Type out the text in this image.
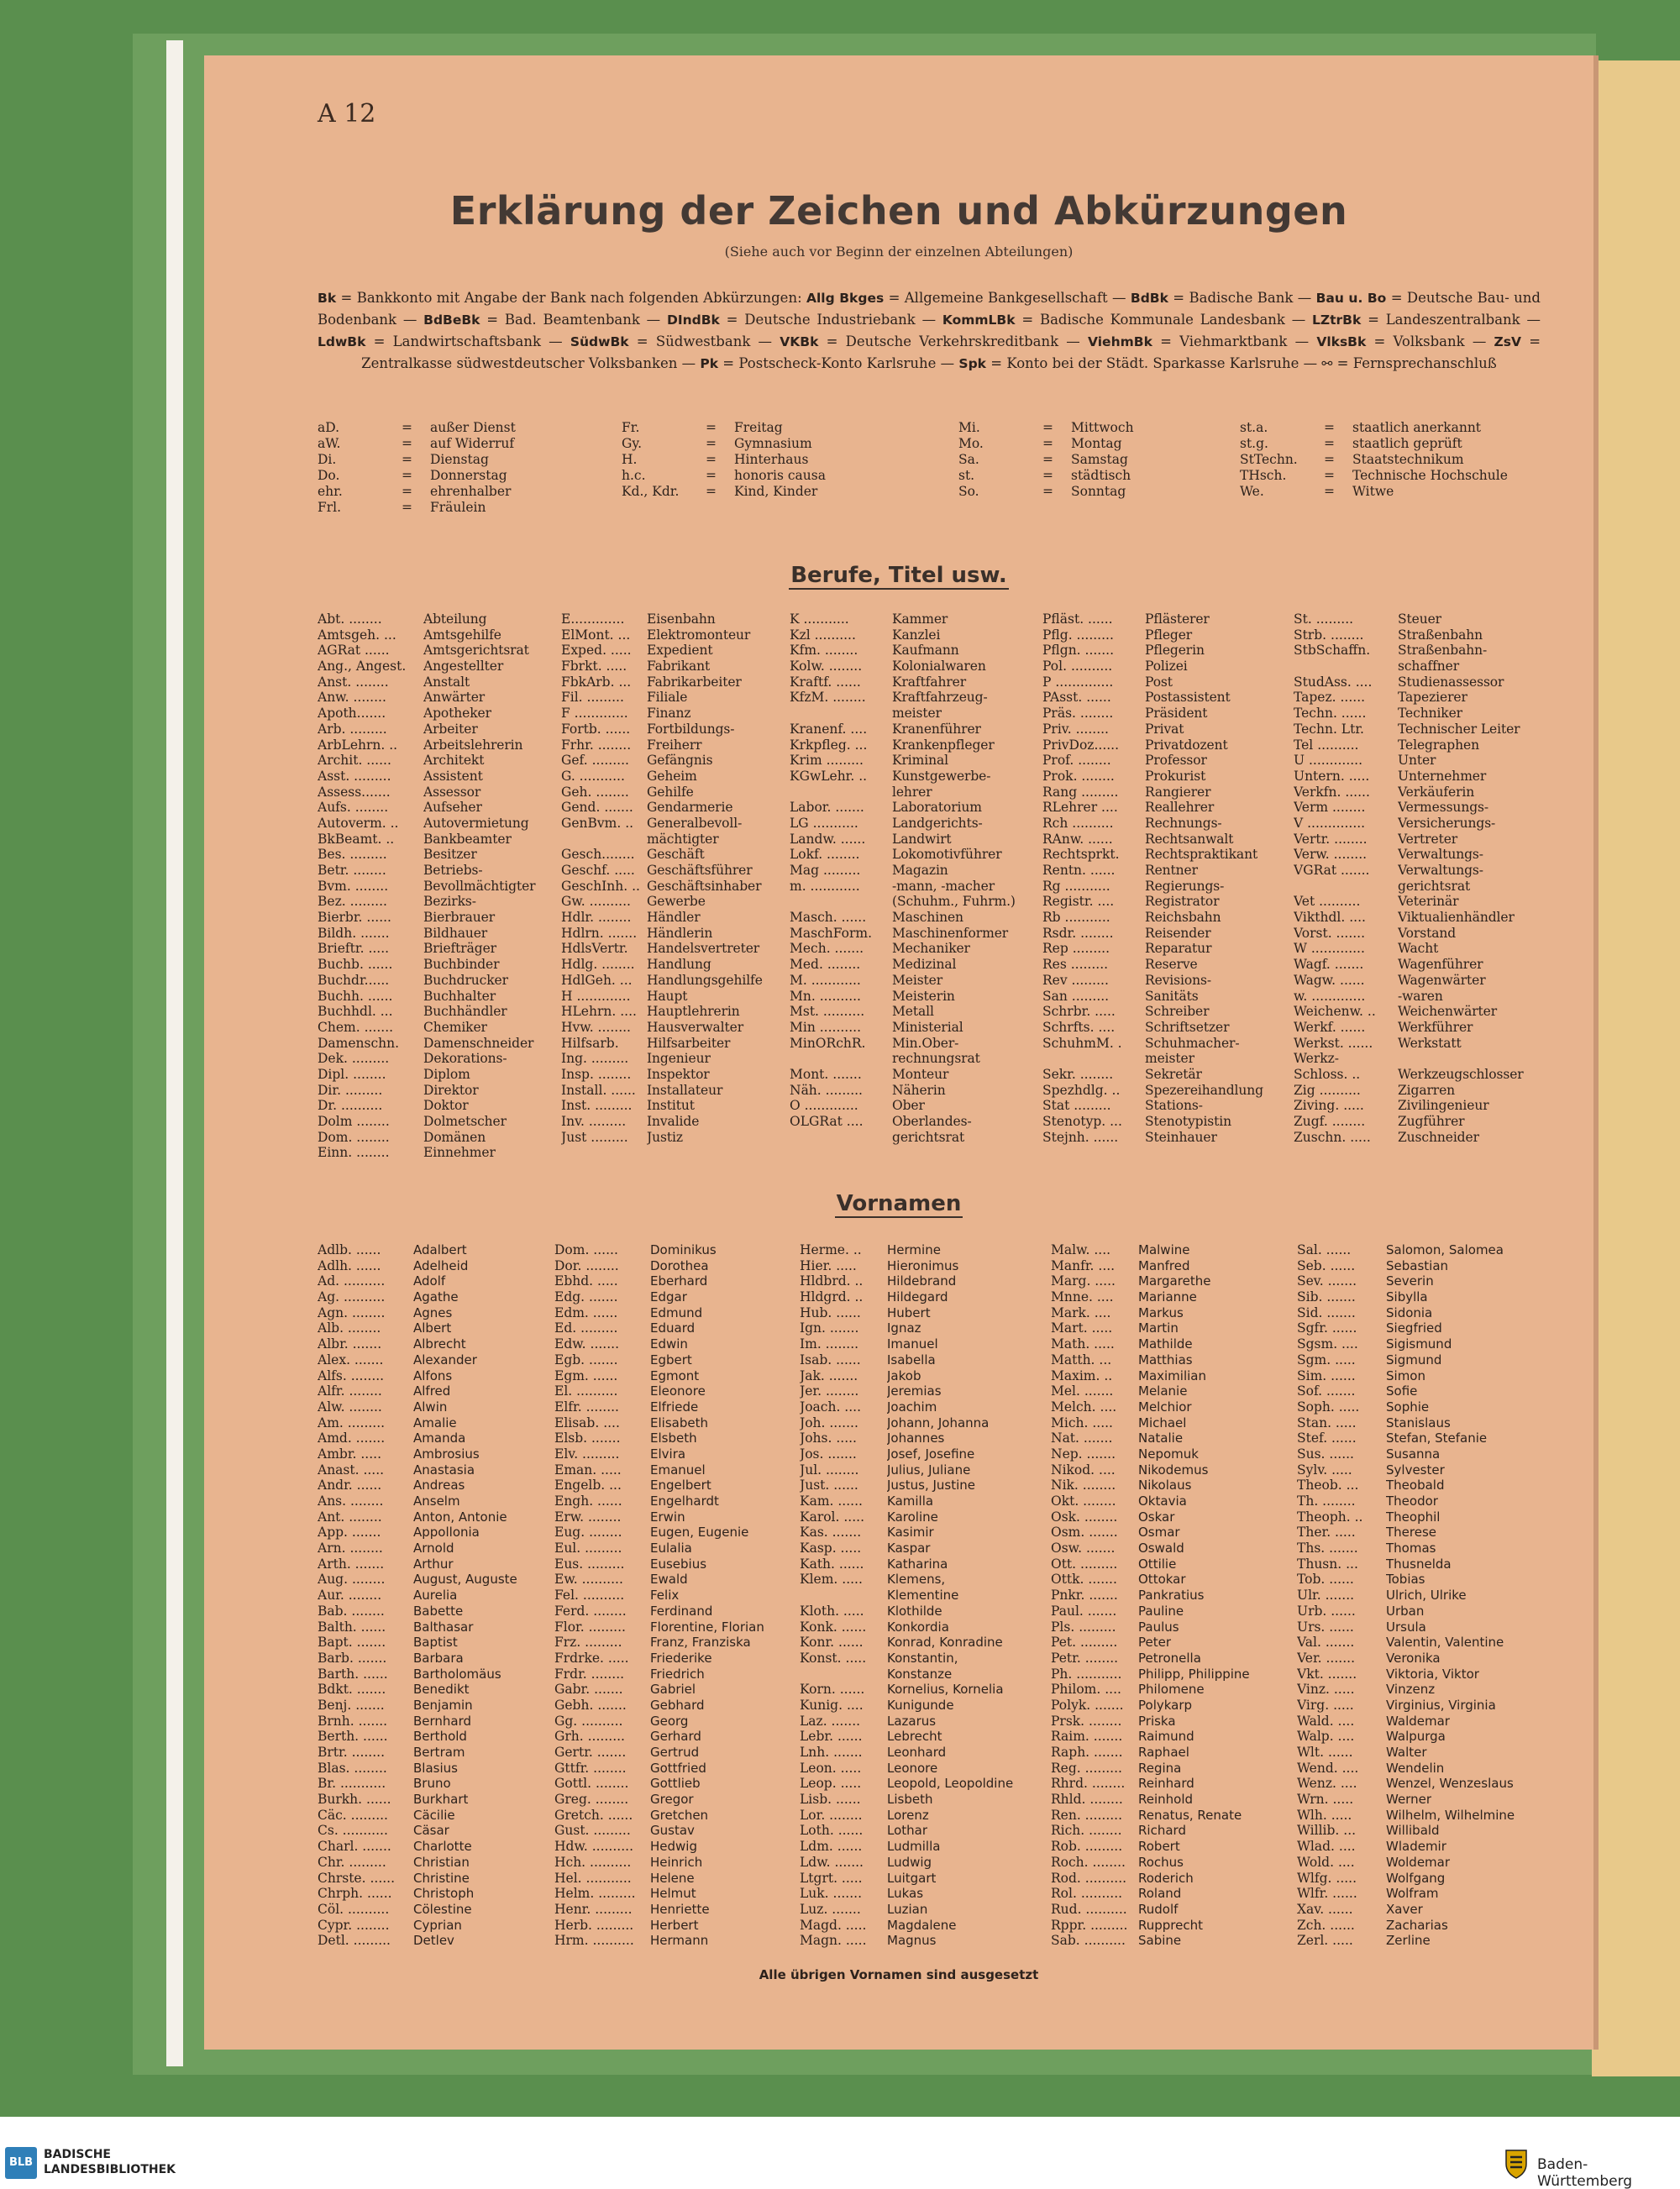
A 12
Erklärung der Zeichen und Abkürzungen
(Siehe auch vor Beginn der einzelnen Abteilungen)
Bk = Bankkonto mit Angabe der Bank nach folgenden Abkürzungen: Allg Bkges = Allgemeine Bankgesellschaft — BdBk = Badische Bank — Bau u. Bo = Deutsche Bau- und Bodenbank — BdBeBk = Bad. Beamtenbank — DIndBk = Deutsche Industriebank — KommLBk = Badische Kommunale Landesbank — LZtrBk = Landeszentralbank — LdwBk = Landwirtschaftsbank — SüdwBk = Südwestbank — VKBk = Deutsche Verkehrskreditbank — ViehmBk = Viehmarktbank — VlksBk = Volksbank — ZsV = Zentralkasse südwestdeutscher Volksbanken — Pk = Postscheck-Konto Karlsruhe — Spk = Konto bei der Städt. Sparkasse Karlsruhe — ⚯ = Fernsprechanschluß
aD.	=	außer Dienst
aW.	=	auf Widerruf
Di.	=	Dienstag
Do.	=	Donnerstag
ehr.	=	ehrenhalber
Frl.	=	Fräulein
Fr.	=	Freitag
Gy.	=	Gymnasium
H.	=	Hinterhaus
h.c.	=	honoris causa
Kd., Kdr.	=	Kind, Kinder
Mi.	=	Mittwoch
Mo.	=	Montag
Sa.	=	Samstag
st.	=	städtisch
So.	=	Sonntag
st.a.	=	staatlich anerkannt
st.g.	=	staatlich geprüft
StTechn.	=	Staatstechnikum
THsch.	=	Technische Hochschule
We.	=	Witwe
Berufe, Titel usw.
Abt. ........	Abteilung
Amtsgeh. ...	Amtsgehilfe
AGRat ......	Amtsgerichtsrat
Ang., Angest.	Angestellter
Anst. ........	Anstalt
Anw. ........	Anwärter
Apoth.......	Apotheker
Arb. .........	Arbeiter
ArbLehrn. ..	Arbeitslehrerin
Archit. ......	Architekt
Asst. .........	Assistent
Assess.......	Assessor
Aufs. ........	Aufseher
Autoverm. ..	Autovermietung
BkBeamt. ..	Bankbeamter
Bes. .........	Besitzer
Betr. ........	Betriebs-
Bvm. ........	Bevollmächtigter
Bez. .........	Bezirks-
Bierbr. ......	Bierbrauer
Bildh. .......	Bildhauer
Brieftr. .....	Briefträger
Buchb. ......	Buchbinder
Buchdr......	Buchdrucker
Buchh. ......	Buchhalter
Buchhdl. ...	Buchhändler
Chem. .......	Chemiker
Damenschn.	Damenschneider
Dek. .........	Dekorations-
Dipl. ........	Diplom
Dir. .........	Direktor
Dr. ..........	Doktor
Dolm ........	Dolmetscher
Dom. ........	Domänen
Einn. ........	Einnehmer
E.............	Eisenbahn
ElMont. ...	Elektromonteur
Exped. .....	Expedient
Fbrkt. .....	Fabrikant
FbkArb. ...	Fabrikarbeiter
Fil. .........	Filiale
F .............	Finanz
Fortb. ......	Fortbildungs-
Frhr. ........	Freiherr
Gef. .........	Gefängnis
G. ...........	Geheim
Geh. ........	Gehilfe
Gend. .......	Gendarmerie
GenBvm. ..	Generalbevoll-
mächtigter
Gesch........ Geschäft
Geschf. ..... Geschäftsführer
GeschInh. .. Geschäftsinhaber
Gw. ..........	Gewerbe
Hdlr. ........	Händler
Hdlrn. ....... Händlerin
HdlsVertr.	Handelsvertreter
Hdlg. ........ Handlung
HdlGeh. ...	Handlungsgehilfe
H .............	Haupt
HLehrn. .... Hauptlehrerin
Hvw. ........	Hausverwalter
Hilfsarb.	Hilfsarbeiter
Ing. .........	Ingenieur
Insp. ........	Inspektor
Install. ...... Installateur
Inst. .........	Institut
Inv. .........	Invalide
Just .........	Justiz
K ...........	Kammer
Kzl ..........	Kanzlei
Kfm. ........	Kaufmann
Kolw. ........	Kolonialwaren
Kraftf. ......	Kraftfahrer
KfzM. ........	Kraftfahrzeug-
meister
Kranenf. ....	Kranenführer
Krkpfleg. ...	Krankenpfleger
Krim .........	Kriminal
KGwLehr. ..	Kunstgewerbe-
lehrer
Labor. .......	Laboratorium
LG ...........	Landgerichts-
Landw. ......	Landwirt
Lokf. ........	Lokomotivführer
Mag .........	Magazin
m. ............	-mann, -macher
(Schuhm., Fuhrm.)
Masch. ......	Maschinen
MaschForm.	Maschinenformer
Mech. .......	Mechaniker
Med. ........	Medizinal
M. ............	Meister
Mn. ..........	Meisterin
Mst. ..........	Metall
Min ..........	Ministerial
MinORchR.	Min.Ober-
rechnungsrat
Mont. .......	Monteur
Näh. .........	Näherin
O .............	Ober
OLGRat ....	Oberlandes-
gerichtsrat
Pfläst. ......	Pflästerer
Pflg. .........	Pfleger
Pflgn. .......	Pflegerin
Pol. ..........	Polizei
P ..............	Post
PAsst. ......	Postassistent
Präs. ........	Präsident
Priv. ........	Privat
PrivDoz......	Privatdozent
Prof. ........	Professor
Prok. ........	Prokurist
Rang .........	Rangierer
RLehrer ....	Reallehrer
Rch ..........	Rechnungs-
RAnw. ......	Rechtsanwalt
Rechtsprkt.	Rechtspraktikant
Rentn. ......	Rentner
Rg ...........	Regierungs-
Registr. ....	Registrator
Rb ...........	Reichsbahn
Rsdr. ........	Reisender
Rep .........	Reparatur
Res .........	Reserve
Rev .........	Revisions-
San .........	Sanitäts
Schrbr. .....	Schreiber
Schrfts. ....	Schriftsetzer
SchuhmM. .	Schuhmacher-
meister
Sekr. ........	Sekretär
Spezhdlg. ..	Spezereihandlung
Stat .........	Stations-
Stenotyp. ...	Stenotypistin
Stejnh. ......	Steinhauer
St. .........	Steuer
Strb. ........	Straßenbahn
StbSchaffn.	Straßenbahn-
schaffner
StudAss. ....	Studienassessor
Tapez. ......	Tapezierer
Techn. ......	Techniker
Techn. Ltr.	Technischer Leiter
Tel ..........	Telegraphen
U .............	Unter
Untern. .....	Unternehmer
Verkfn. ......	Verkäuferin
Verm ........	Vermessungs-
V ..............	Versicherungs-
Vertr. ........	Vertreter
Verw. ........	Verwaltungs-
VGRat .......	Verwaltungs-
gerichtsrat
Vet ..........	Veterinär
Vikthdl. ....	Viktualienhändler
Vorst. .......	Vorstand
W .............	Wacht
Wagf. .......	Wagenführer
Wagw. ......	Wagenwärter
w. .............	-waren
Weichenw. ..	Weichenwärter
Werkf. ......	Werkführer
Werkst. ......	Werkstatt
Werkz-
Schloss. ..	Werkzeugschlosser
Zig ..........	Zigarren
Ziving. .....	Zivilingenieur
Zugf. ........	Zugführer
Zuschn. .....	Zuschneider
Vornamen
Adlb. ......	Adalbert
Adlh. ......	Adelheid
Ad. ..........	Adolf
Ag. ..........	Agathe
Agn. ........	Agnes
Alb. ........	Albert
Albr. .......	Albrecht
Alex. .......	Alexander
Alfs. ........	Alfons
Alfr. ........	Alfred
Alw. ........	Alwin
Am. .........	Amalie
Amd. .......	Amanda
Ambr. .....	Ambrosius
Anast. .....	Anastasia
Andr. ......	Andreas
Ans. ........	Anselm
Ant. ........	Anton, Antonie
App. .......	Appollonia
Arn. ........	Arnold
Arth. .......	Arthur
Aug. ........	August, Auguste
Aur. ........	Aurelia
Bab. ........	Babette
Balth. ......	Balthasar
Bapt. .......	Baptist
Barb. .......	Barbara
Barth. ......	Bartholomäus
Bdkt. .......	Benedikt
Benj. .......	Benjamin
Brnh. .......	Bernhard
Berth. ......	Berthold
Brtr. ........	Bertram
Blas. ........	Blasius
Br. ...........	Bruno
Burkh. ......	Burkhart
Cäc. .........	Cäcilie
Cs. ...........	Cäsar
Charl. .......	Charlotte
Chr. .........	Christian
Chrste. ......	Christine
Chrph. ......	Christoph
Cöl. ..........	Cölestine
Cypr. ........	Cyprian
Detl. .........	Detlev
Dom. ......	Dominikus
Dor. ........	Dorothea
Ebhd. .....	Eberhard
Edg. .......	Edgar
Edm. ......	Edmund
Ed. .........	Eduard
Edw. .......	Edwin
Egb. .......	Egbert
Egm. ......	Egmont
El. ..........	Eleonore
Elfr. ........	Elfriede
Elisab. ....	Elisabeth
Elsb. .......	Elsbeth
Elv. .........	Elvira
Eman. .....	Emanuel
Engelb. ...	Engelbert
Engh. ......	Engelhardt
Erw. ........	Erwin
Eug. ........	Eugen, Eugenie
Eul. .........	Eulalia
Eus. .........	Eusebius
Ew. ..........	Ewald
Fel. ..........	Felix
Ferd. ........	Ferdinand
Flor. .........	Florentine, Florian
Frz. .........	Franz, Franziska
Frdrke. .....	Friederike
Frdr. ........	Friedrich
Gabr. .......	Gabriel
Gebh. .......	Gebhard
Gg. ..........	Georg
Grh. .........	Gerhard
Gertr. .......	Gertrud
Gttfr. ........	Gottfried
Gottl. ........	Gottlieb
Greg. ........	Gregor
Gretch. ......	Gretchen
Gust. .........	Gustav
Hdw. ..........	Hedwig
Hch. ..........	Heinrich
Hel. ...........	Helene
Helm. .........	Helmut
Henr. .........	Henriette
Herb. .........	Herbert
Hrm. ..........	Hermann
Herme. ..	Hermine
Hier. .....	Hieronimus
Hldbrd. ..	Hildebrand
Hldgrd. ..	Hildegard
Hub. ......	Hubert
Ign. .......	Ignaz
Im. ........	Imanuel
Isab. ......	Isabella
Jak. .......	Jakob
Jer. ........	Jeremias
Joach. ....	Joachim
Joh. .......	Johann, Johanna
Johs. .....	Johannes
Jos. .......	Josef, Josefine
Jul. ........	Julius, Juliane
Just. ......	Justus, Justine
Kam. ......	Kamilla
Karol. .....	Karoline
Kas. .......	Kasimir
Kasp. .....	Kaspar
Kath. ......	Katharina
Klem. .....	Klemens,
Klementine
Kloth. .....	Klothilde
Konk. ......	Konkordia
Konr. ......	Konrad, Konradine
Konst. .....	Konstantin,
Konstanze
Korn. ......	Kornelius, Kornelia
Kunig. ....	Kunigunde
Laz. .......	Lazarus
Lebr. ......	Lebrecht
Lnh. .......	Leonhard
Leon. .....	Leonore
Leop. .....	Leopold, Leopoldine
Lisb. ......	Lisbeth
Lor. ........	Lorenz
Loth. ......	Lothar
Ldm. ......	Ludmilla
Ldw. .......	Ludwig
Ltgrt. .....	Luitgart
Luk. .......	Lukas
Luz. .......	Luzian
Magd. .....	Magdalene
Magn. .....	Magnus
Malw. ....	Malwine
Manfr. ....	Manfred
Marg. .....	Margarethe
Mnne. ....	Marianne
Mark. ....	Markus
Mart. .....	Martin
Math. .....	Mathilde
Matth. ...	Matthias
Maxim. ..	Maximilian
Mel. .......	Melanie
Melch. ....	Melchior
Mich. .....	Michael
Nat. .......	Natalie
Nep. .......	Nepomuk
Nikod. ....	Nikodemus
Nik. ........	Nikolaus
Okt. ........	Oktavia
Osk. ........	Oskar
Osm. .......	Osmar
Osw. .......	Oswald
Ott. .........	Ottilie
Ottk. .......	Ottokar
Pnkr. .......	Pankratius
Paul. .......	Pauline
Pls. .........	Paulus
Pet. .........	Peter
Petr. ........	Petronella
Ph. ...........	Philipp, Philippine
Philom. ....	Philomene
Polyk. .......	Polykarp
Prsk. ........	Priska
Raim. .......	Raimund
Raph. .......	Raphael
Reg. .........	Regina
Rhrd. ........	Reinhard
Rhld. ........	Reinhold
Ren. .........	Renatus, Renate
Rich. ........	Richard
Rob. .........	Robert
Roch. ........	Rochus
Rod. .......... Roderich
Rol. ..........	Roland
Rud. .......... Rudolf
Rppr. ......... Rupprecht
Sab. ..........	Sabine
Sal. ......	Salomon, Salomea
Seb. ......	Sebastian
Sev. .......	Severin
Sib. .......	Sibylla
Sid. .......	Sidonia
Sgfr. ......	Siegfried
Sgsm. ....	Sigismund
Sgm. .....	Sigmund
Sim. ......	Simon
Sof. .......	Sofie
Soph. .....	Sophie
Stan. .....	Stanislaus
Stef. ......	Stefan, Stefanie
Sus. ......	Susanna
Sylv. .....	Sylvester
Theob. ...	Theobald
Th. ........	Theodor
Theoph. ..	Theophil
Ther. .....	Therese
Ths. .......	Thomas
Thusn. ...	Thusnelda
Tob. ......	Tobias
Ulr. .......	Ulrich, Ulrike
Urb. ......	Urban
Urs. ......	Ursula
Val. .......	Valentin, Valentine
Ver. .......	Veronika
Vkt. .......	Viktoria, Viktor
Vinz. .....	Vinzenz
Virg. .....	Virginius, Virginia
Wald. ....	Waldemar
Walp. ....	Walpurga
Wlt. ......	Walter
Wend. ....	Wendelin
Wenz. ....	Wenzel, Wenzeslaus
Wrn. .....	Werner
Wlh. .....	Wilhelm, Wilhelmine
Willib. ...	Willibald
Wlad. ....	Wlademir
Wold. ....	Woldemar
Wlfg. .....	Wolfgang
Wlfr. ......	Wolfram
Xav. ......	Xaver
Zch. ......	Zacharias
Zerl. .....	Zerline
Alle übrigen Vornamen sind ausgesetzt
BLB
BADISCHE
LANDESBIBLIOTHEK	Baden-Württemberg
